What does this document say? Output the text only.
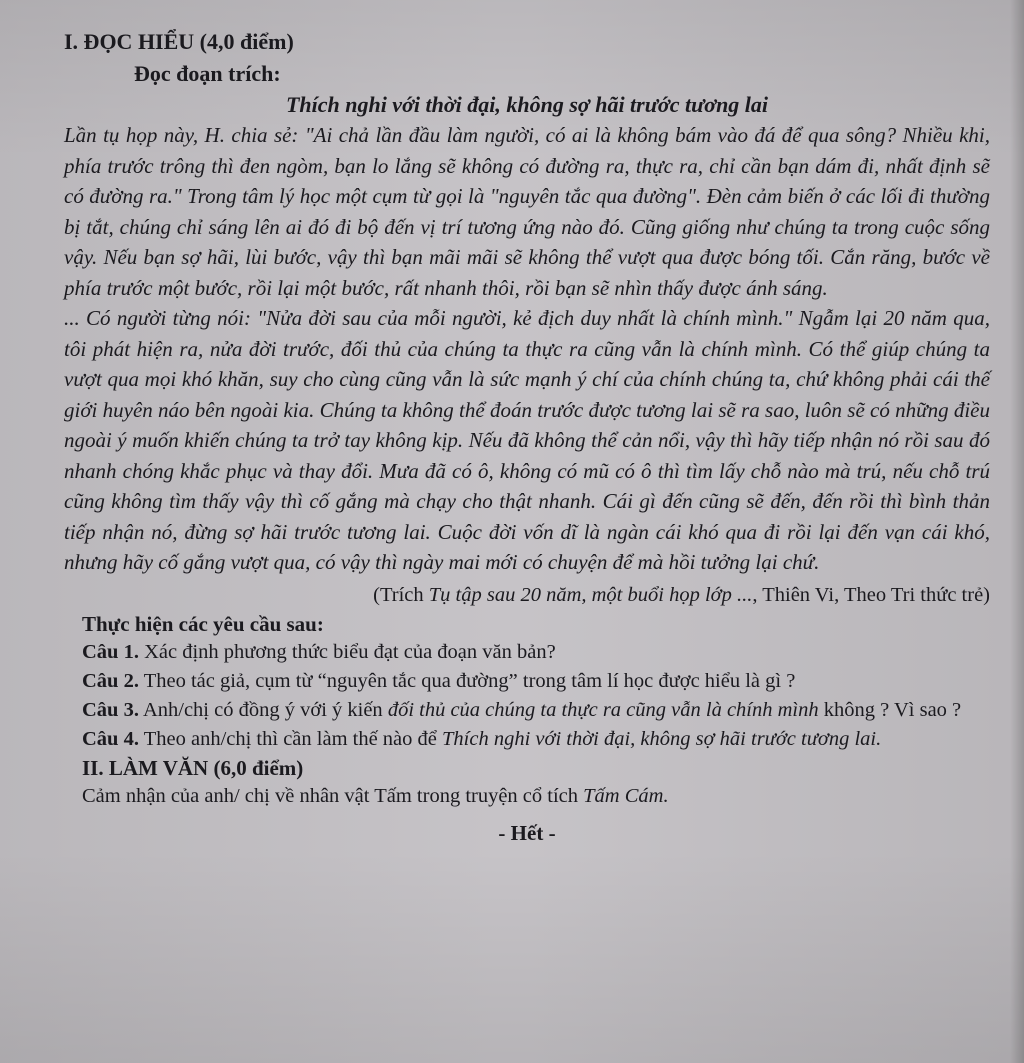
I. ĐỌC HIỂU (4,0 điểm)
Đọc đoạn trích:
Thích nghi với thời đại, không sợ hãi trước tương lai

Lần tụ họp này, H. chia sẻ: "Ai chả lần đầu làm người, có ai là không bám vào đá để qua sông? Nhiều khi, phía trước trông thì đen ngòm, bạn lo lắng sẽ không có đường ra, thực ra, chỉ cần bạn dám đi, nhất định sẽ có đường ra." Trong tâm lý học một cụm từ gọi là "nguyên tắc qua đường". Đèn cảm biến ở các lối đi thường bị tắt, chúng chỉ sáng lên ai đó đi bộ đến vị trí tương ứng nào đó. Cũng giống như chúng ta trong cuộc sống vậy. Nếu bạn sợ hãi, lùi bước, vậy thì bạn mãi mãi sẽ không thể vượt qua được bóng tối. Cắn răng, bước về phía trước một bước, rồi lại một bước, rất nhanh thôi, rồi bạn sẽ nhìn thấy được ánh sáng.

... Có người từng nói: "Nửa đời sau của mỗi người, kẻ địch duy nhất là chính mình." Ngẫm lại 20 năm qua, tôi phát hiện ra, nửa đời trước, đối thủ của chúng ta thực ra cũng vẫn là chính mình. Có thể giúp chúng ta vượt qua mọi khó khăn, suy cho cùng cũng vẫn là sức mạnh ý chí của chính chúng ta, chứ không phải cái thế giới huyên náo bên ngoài kia. Chúng ta không thể đoán trước được tương lai sẽ ra sao, luôn sẽ có những điều ngoài ý muốn khiến chúng ta trở tay không kịp. Nếu đã không thể cản nổi, vậy thì hãy tiếp nhận nó rồi sau đó nhanh chóng khắc phục và thay đổi. Mưa đã có ô, không có mũ có ô thì tìm lấy chỗ nào mà trú, nếu chỗ trú cũng không tìm thấy vậy thì cố gắng mà chạy cho thật nhanh. Cái gì đến cũng sẽ đến, đến rồi thì bình thản tiếp nhận nó, đừng sợ hãi trước tương lai. Cuộc đời vốn dĩ là ngàn cái khó qua đi rồi lại đến vạn cái khó, nhưng hãy cố gắng vượt qua, có vậy thì ngày mai mới có chuyện để mà hồi tưởng lại chứ.

(Trích Tụ tập sau 20 năm, một buổi họp lớp ..., Thiên Vi, Theo Tri thức trẻ)
Thực hiện các yêu cầu sau:
Câu 1. Xác định phương thức biểu đạt của đoạn văn bản?
Câu 2. Theo tác giả, cụm từ “nguyên tắc qua đường” trong tâm lí học được hiểu là gì ?
Câu 3. Anh/chị có đồng ý với ý kiến đối thủ của chúng ta thực ra cũng vẫn là chính mình không ? Vì sao ?
Câu 4. Theo anh/chị thì cần làm thế nào để Thích nghi với thời đại, không sợ hãi trước tương lai.
II. LÀM VĂN (6,0 điểm)
Cảm nhận của anh/ chị về nhân vật Tấm trong truyện cổ tích Tấm Cám.
- Hết -
